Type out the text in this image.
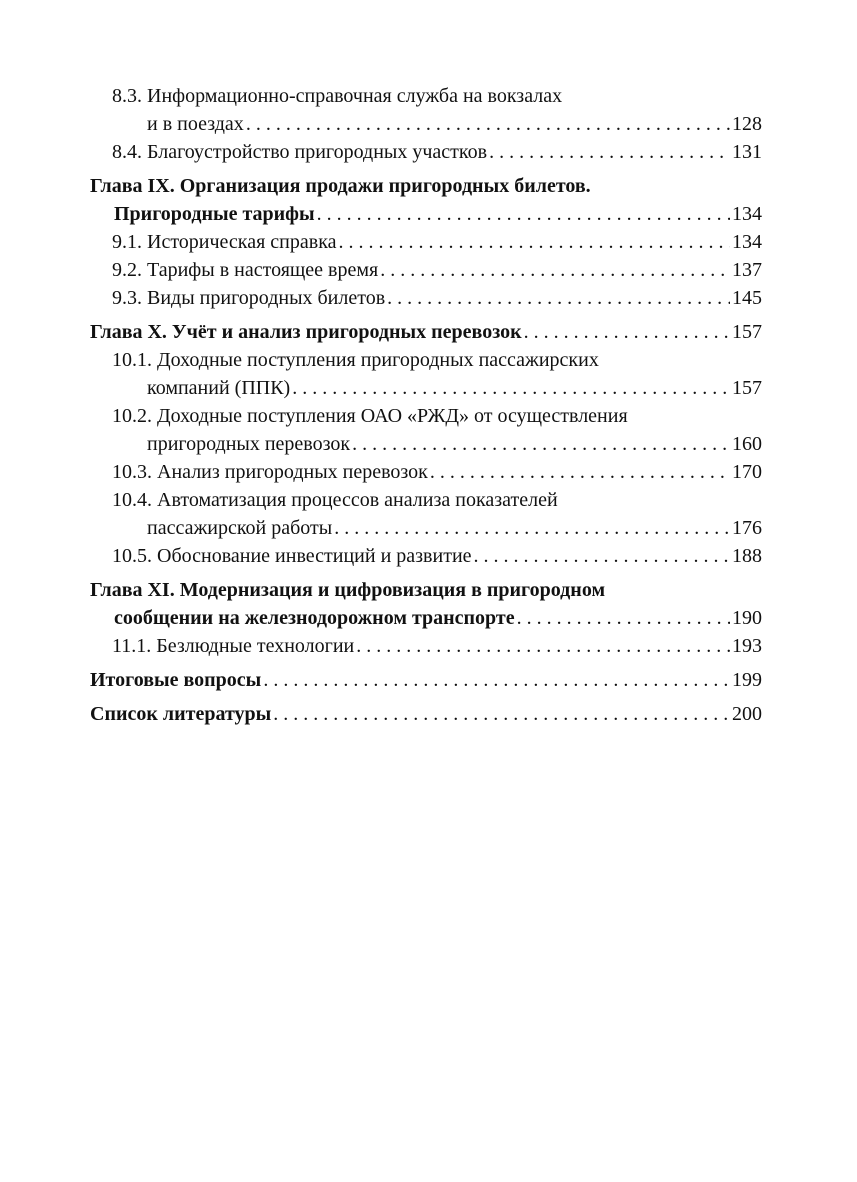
8.3. Информационно-справочная служба на вокзалах
и в поездах . . .	128
8.4. Благоустройство пригородных участков . . .	131
Глава IX. Организация продажи пригородных билетов.
Пригородные тарифы . . .	134
9.1. Историческая справка . . .	134
9.2. Тарифы в настоящее время . . .	137
9.3. Виды пригородных билетов . . .	145
Глава X. Учёт и анализ пригородных перевозок . . .	157
10.1. Доходные поступления пригородных пассажирских
компаний (ППК) . . .	157
10.2. Доходные поступления ОАО «РЖД» от осуществления
пригородных перевозок . . .	160
10.3. Анализ пригородных перевозок . . .	170
10.4. Автоматизация процессов анализа показателей
пассажирской работы . . .	176
10.5. Обоснование инвестиций и развитие . . .	188
Глава XI. Модернизация и цифровизация в пригородном
сообщении на железнодорожном транспорте . . .	190
11.1. Безлюдные технологии . . .	193
Итоговые вопросы . . .	199
Список литературы . . .	200
